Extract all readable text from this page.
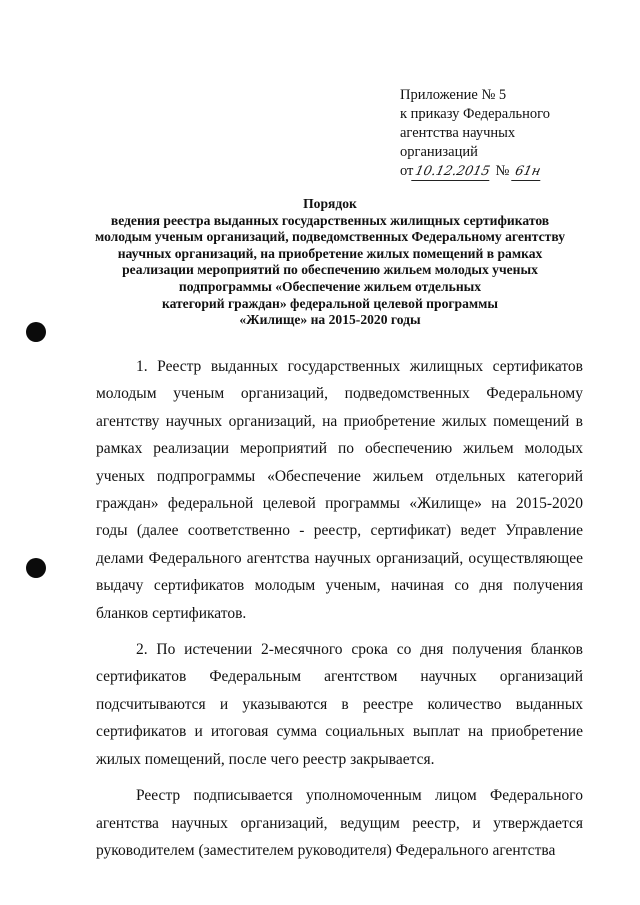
Приложение № 5
к приказу Федерального
агентства научных
организаций
от10.12.2015 № 61н
Порядок
ведения реестра выданных государственных жилищных сертификатов
молодым ученым организаций, подведомственных Федеральному агентству
научных организаций, на приобретение жилых помещений в рамках
реализации мероприятий по обеспечению жильем молодых ученых
подпрограммы «Обеспечение жильем отдельных
категорий граждан» федеральной целевой программы
«Жилище» на 2015-2020 годы

1. Реестр выданных государственных жилищных сертификатов молодым ученым организаций, подведомственных Федеральному агентству научных организаций, на приобретение жилых помещений в рамках реализации мероприятий по обеспечению жильем молодых ученых подпрограммы «Обеспечение жильем отдельных категорий граждан» федеральной целевой программы «Жилище» на 2015-2020 годы (далее соответственно - реестр, сертификат) ведет Управление делами Федерального агентства научных организаций, осуществляющее выдачу сертификатов молодым ученым, начиная со дня получения бланков сертификатов.

2. По истечении 2-месячного срока со дня получения бланков сертификатов Федеральным агентством научных организаций подсчитываются и указываются в реестре количество выданных сертификатов и итоговая сумма социальных выплат на приобретение жилых помещений, после чего реестр закрывается.

Реестр подписывается уполномоченным лицом Федерального агентства научных организаций, ведущим реестр, и утверждается руководителем (заместителем руководителя) Федерального агентства
